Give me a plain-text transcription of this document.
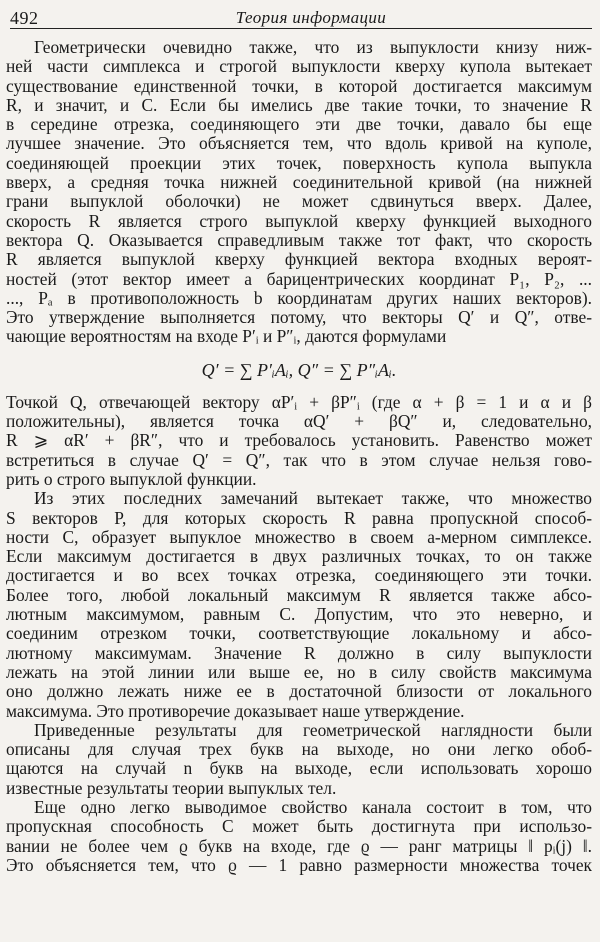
492	Теория информации
Геометрически очевидно также, что из выпуклости книзу ниж-
ней части симплекса и строгой выпуклости кверху купола вытекает
существование единственной точки, в которой достигается максимум
R, и значит, и C. Если бы имелись две такие точки, то значение R
в середине отрезка, соединяющего эти две точки, давало бы еще
лучшее значение. Это объясняется тем, что вдоль кривой на куполе,
соединяющей проекции этих точек, поверхность купола выпукла
вверх, а средняя точка нижней соединительной кривой (на нижней
грани выпуклой оболочки) не может сдвинуться вверх. Далее,
скорость R является строго выпуклой кверху функцией выходного
вектора Q. Оказывается справедливым также тот факт, что скорость
R является выпуклой кверху функцией вектора входных вероят-
ностей (этот вектор имеет a барицентрических координат P₁, P₂, ...
..., Pₐ в противоположность b координатам других наших векторов).
Это утверждение выполняется потому, что векторы Q′ и Q″, отве-
чающие вероятностям на входе P′ᵢ и P″ᵢ, даются формулами
Q′ = ∑ P′ᵢAᵢ, Q″ = ∑ P″ᵢAᵢ.
Точкой Q, отвечающей вектору αP′ᵢ + βP″ᵢ (где α + β = 1 и α и β
положительны), является точка αQ′ + βQ″ и, следовательно,
R ⩾ αR′ + βR″, что и требовалось установить. Равенство может
встретиться в случае Q′ = Q″, так что в этом случае нельзя гово-
рить о строго выпуклой функции.
Из этих последних замечаний вытекает также, что множество
S векторов P, для которых скорость R равна пропускной способ-
ности C, образует выпуклое множество в своем a-мерном симплексе.
Если максимум достигается в двух различных точках, то он также
достигается и во всех точках отрезка, соединяющего эти точки.
Более того, любой локальный максимум R является также абсо-
лютным максимумом, равным C. Допустим, что это неверно, и
соединим отрезком точки, соответствующие локальному и абсо-
лютному максимумам. Значение R должно в силу выпуклости
лежать на этой линии или выше ее, но в силу свойств максимума
оно должно лежать ниже ее в достаточной близости от локального
максимума. Это противоречие доказывает наше утверждение.
Приведенные результаты для геометрической наглядности были
описаны для случая трех букв на выходе, но они легко обоб-
щаются на случай n букв на выходе, если использовать хорошо
известные результаты теории выпуклых тел.
Еще одно легко выводимое свойство канала состоит в том, что
пропускная способность C может быть достигнута при использо-
вании не более чем ϱ букв на входе, где ϱ — ранг матрицы ‖ pᵢ(j) ‖.
Это объясняется тем, что ϱ — 1 равно размерности множества точек
